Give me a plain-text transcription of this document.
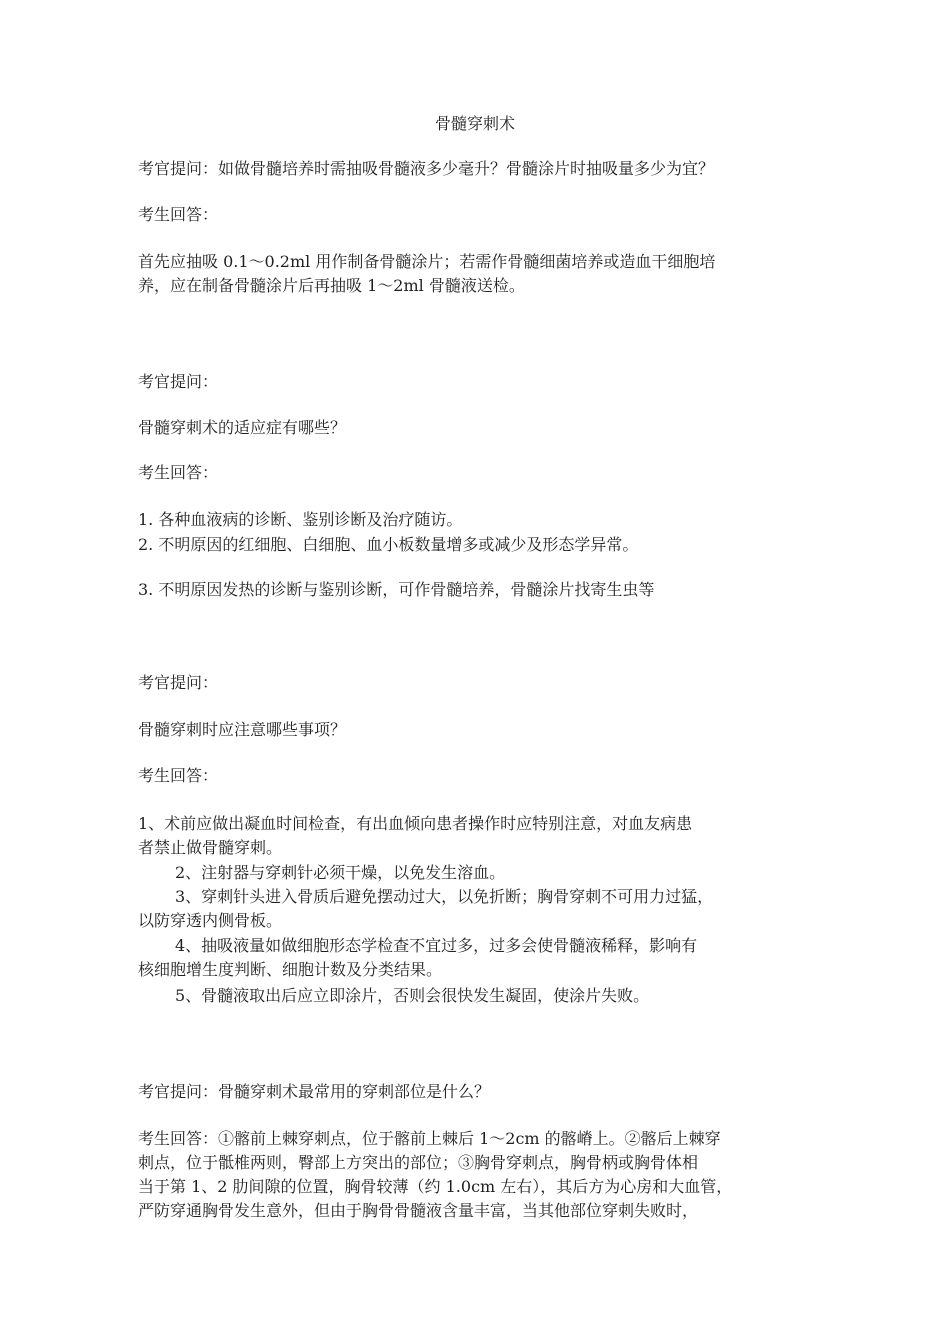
骨髓穿刺术
考官提问：如做骨髓培养时需抽吸骨髓液多少毫升？骨髓涂片时抽吸量多少为宜？
考生回答：
首先应抽吸 0.1～0.2ml 用作制备骨髓涂片；若需作骨髓细菌培养或造血干细胞培
养，应在制备骨髓涂片后再抽吸 1～2ml 骨髓液送检。
考官提问：
骨髓穿刺术的适应症有哪些？
考生回答：
1. 各种血液病的诊断、鉴别诊断及治疗随访。
2. 不明原因的红细胞、白细胞、血小板数量增多或减少及形态学异常。
3. 不明原因发热的诊断与鉴别诊断，可作骨髓培养，骨髓涂片找寄生虫等
考官提问：
骨髓穿刺时应注意哪些事项？
考生回答：
1、术前应做出凝血时间检查，有出血倾向患者操作时应特别注意，对血友病患
者禁止做骨髓穿刺。
2、注射器与穿刺针必须干燥，以免发生溶血。
3、穿刺针头进入骨质后避免摆动过大，以免折断；胸骨穿刺不可用力过猛，
以防穿透内侧骨板。
4、抽吸液量如做细胞形态学检查不宜过多，过多会使骨髓液稀释，影响有
核细胞增生度判断、细胞计数及分类结果。
5、骨髓液取出后应立即涂片，否则会很快发生凝固，使涂片失败。
考官提问：骨髓穿刺术最常用的穿刺部位是什么？
考生回答：①髂前上棘穿刺点，位于髂前上棘后 1～2cm 的髂嵴上。②髂后上棘穿
刺点，位于骶椎两则，臀部上方突出的部位；③胸骨穿刺点，胸骨柄或胸骨体相
当于第 1、2 肋间隙的位置，胸骨较薄（约 1.0cm 左右），其后方为心房和大血管，
严防穿通胸骨发生意外，但由于胸骨骨髓液含量丰富，当其他部位穿刺失败时，
